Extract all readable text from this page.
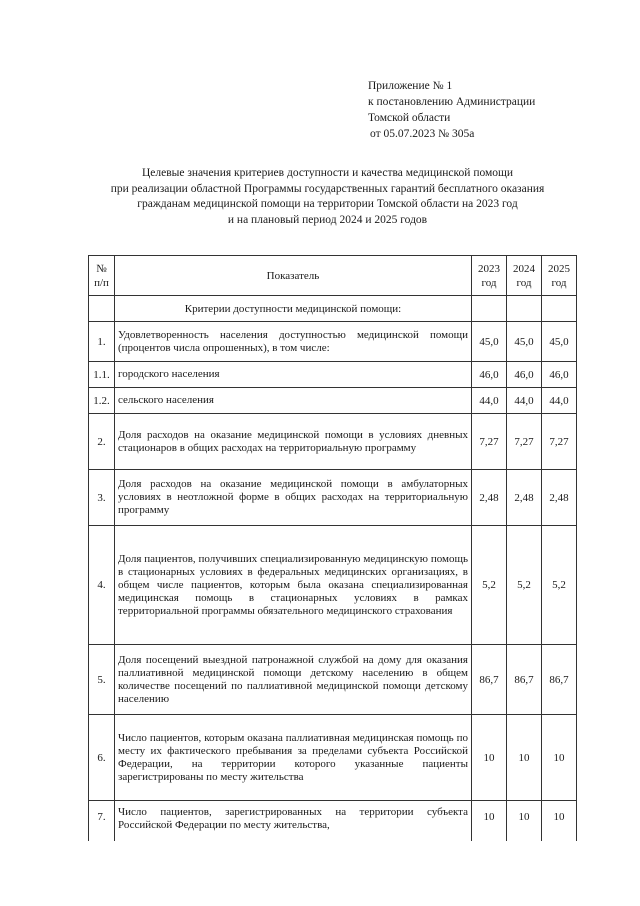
Приложение № 1
к постановлению Администрации
Томской области
от 05.07.2023 № 305а
Целевые значения критериев доступности и качества медицинской помощи
при реализации областной Программы государственных гарантий бесплатного оказания
гражданам медицинской помощи на территории Томской области на 2023 год
и на плановый период 2024 и 2025 годов
№ п/п	Показатель	2023 год	2024 год	2025 год
	Критерии доступности медицинской помощи:			
1.	Удовлетворенность населения доступностью медицинской помощи (процентов числа опрошенных), в том числе:	45,0	45,0	45,0
1.1.	городского населения	46,0	46,0	46,0
1.2.	сельского населения	44,0	44,0	44,0
2.	Доля расходов на оказание медицинской помощи в условиях дневных стационаров в общих расходах на территориальную программу	7,27	7,27	7,27
3.	Доля расходов на оказание медицинской помощи в амбулаторных условиях в неотложной форме в общих расходах на территориальную программу	2,48	2,48	2,48
4.	Доля пациентов, получивших специализированную медицинскую помощь в стационарных условиях в федеральных медицинских организациях, в общем числе пациентов, которым была оказана специализированная медицинская помощь в стационарных условиях в рамках территориальной программы обязательного медицинского страхования	5,2	5,2	5,2
5.	Доля посещений выездной патронажной службой на дому для оказания паллиативной медицинской помощи детскому населению в общем количестве посещений по паллиативной медицинской помощи детскому населению	86,7	86,7	86,7
6.	Число пациентов, которым оказана паллиативная медицинская помощь по месту их фактического пребывания за пределами субъекта Российской Федерации, на территории которого указанные пациенты зарегистрированы по месту жительства	10	10	10
7.	Число пациентов, зарегистрированных на территории субъекта Российской Федерации по месту жительства,	10	10	10
